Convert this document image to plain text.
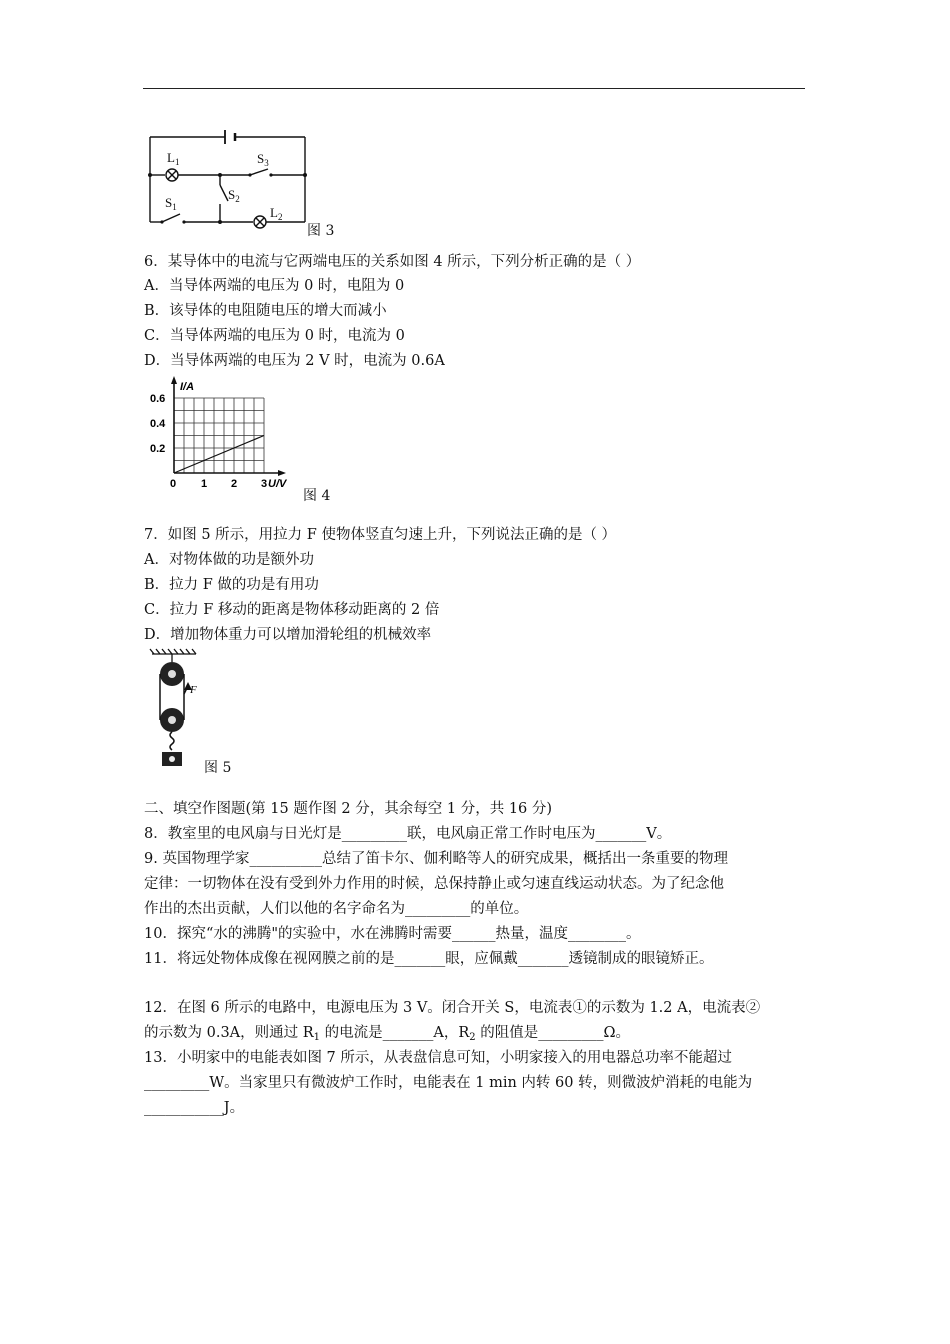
$L_1$	$S_3$
$S_2$
$S_1$	$L_2$
图 3
6．某导体中的电流与它两端电压的关系如图 4 所示，下列分析正确的是（ ）
A．当导体两端的电压为 0 时，电阻为 0
B．该导体的电阻随电压的增大而减小
C．当导体两端的电压为 0 时，电流为 0
D．当导体两端的电压为 2 V 时，电流为 0.6A
0 1 2 3
0.2
0.4
0.6
U/V
I/A
图 4
7．如图 5 所示，用拉力 F 使物体竖直匀速上升，下列说法正确的是（ ）
A．对物体做的功是额外功
B．拉力 F 做的功是有用功
C．拉力 F 移动的距离是物体移动距离的 2 倍
D．增加物体重力可以增加滑轮组的机械效率
F
图 5
二、填空作图题(第 15 题作图 2 分，其余每空 1 分，共 16 分)
8．教室里的电风扇与日光灯是_________联，电风扇正常工作时电压为_______V。
9. 英国物理学家__________总结了笛卡尔、伽利略等人的研究成果，概括出一条重要的物理
定律：一切物体在没有受到外力作用的时候，总保持静止或匀速直线运动状态。为了纪念他
作出的杰出贡献，人们以他的名字命名为_________的单位。
10．探究“水的沸腾"的实验中，水在沸腾时需要______热量，温度________。
11．将远处物体成像在视网膜之前的是_______眼，应佩戴_______透镜制成的眼镜矫正。
12．在图 6 所示的电路中，电源电压为 3 V。闭合开关 S，电流表①的示数为 1.2 A，电流表②
的示数为 0.3A，则通过 $R_1$ 的电流是_______A，$R_2$ 的阻值是_________Ω。
13．小明家中的电能表如图 7 所示，从表盘信息可知，小明家接入的用电器总功率不能超过
_________W。当家里只有微波炉工作时，电能表在 1 min 内转 60 转，则微波炉消耗的电能为
___________J。
